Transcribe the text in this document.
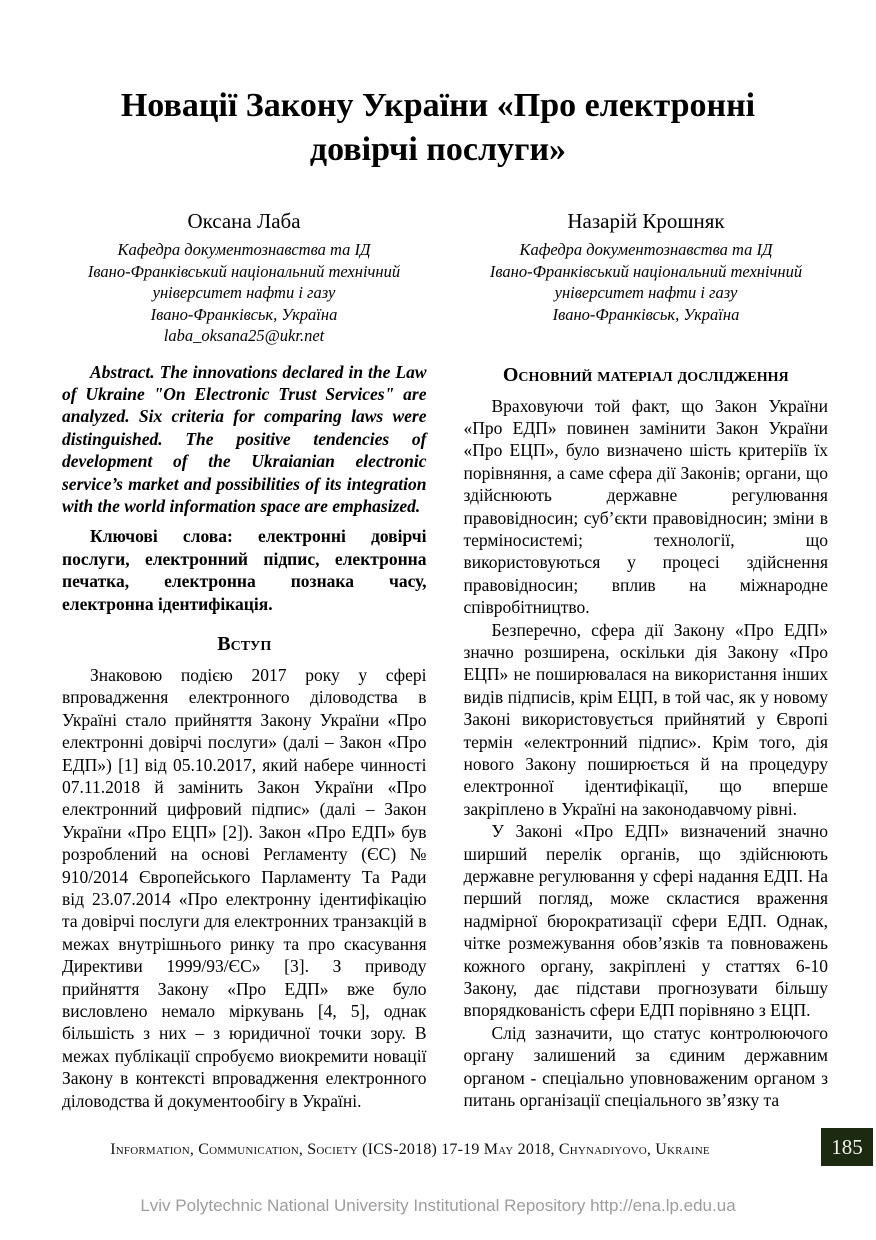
Новації Закону України «Про електронні
довірчі послуги»
Оксана Лаба
Кафедра документознавства та ІД
Івано-Франківський національний технічний
університет нафти і газу
Івано-Франківськ, Україна
laba_oksana25@ukr.net
Назарій Крошняк
Кафедра документознавства та ІД
Івано-Франківський національний технічний
університет нафти і газу
Івано-Франківськ, Україна

Abstract. The innovations declared in the Law of Ukraine "On Electronic Trust Services" are analyzed. Six criteria for comparing laws were distinguished. The positive tendencies of development of the Ukraianian electronic service’s market and possibilities of its integration with the world information space are emphasized.

Ключові слова: електронні довірчі послуги, електронний підпис, електронна печатка, електронна познака часу, електронна ідентифікація.

Вступ

Знаковою подією 2017 року у сфері впровадження електронного діловодства в Україні стало прийняття Закону України «Про електронні довірчі послуги» (далі – Закон «Про ЕДП») [1] від 05.10.2017, який набере чинності 07.11.2018 й замінить Закон України «Про електронний цифровий підпис» (далі – Закон України «Про ЕЦП» [2]). Закон «Про ЕДП» був розроблений на основі Регламенту (ЄС) № 910/2014 Європейського Парламенту Та Ради від 23.07.2014 «Про електронну ідентифікацію та довірчі послуги для електронних транзакцій в межах внутрішнього ринку та про скасування Директиви 1999/93/ЄС» [3]. З приводу прийняття Закону «Про ЕДП» вже було висловлено немало міркувань [4, 5], однак більшість з них – з юридичної точки зору. В межах публікації спробуємо виокремити новації Закону в контексті впровадження електронного діловодства й документообігу в Україні.

Основний матеріал дослідження

Враховуючи той факт, що Закон України «Про ЕДП» повинен замінити Закон України «Про ЕЦП», було визначено шість критеріїв їх порівняння, а саме сфера дії Законів; органи, що здійснюють державне регулювання правовідносин; суб’єкти правовідносин; зміни в терміносистемі; технології, що використовуються у процесі здійснення правовідносин; вплив на міжнародне співробітництво.

Безперечно, сфера дії Закону «Про ЕДП» значно розширена, оскільки дія Закону «Про ЕЦП» не поширювалася на використання інших видів підписів, крім ЕЦП, в той час, як у новому Законі використовується прийнятий у Європі термін «електронний підпис». Крім того, дія нового Закону поширюється й на процедуру електронної ідентифікації, що вперше закріплено в Україні на законодавчому рівні.

У Законі «Про ЕДП» визначений значно ширший перелік органів, що здійснюють державне регулювання у сфері надання ЕДП. На перший погляд, може скластися враження надмірної бюрократизації сфери ЕДП. Однак, чітке розмежування обов’язків та повноважень кожного органу, закріплені у статтях 6-10 Закону, дає підстави прогнозувати більшу впорядкованість сфери ЕДП порівняно з ЕЦП.

Слід зазначити, що статус контролюючого органу залишений за єдиним державним органом - спеціально уповноваженим органом з питань організації спеціального зв’язку та

Information, Communication, Society (ICS-2018) 17-19 May 2018, Chynadiyovo, Ukraine	185
Lviv Polytechnic National University Institutional Repository http://ena.lp.edu.ua
